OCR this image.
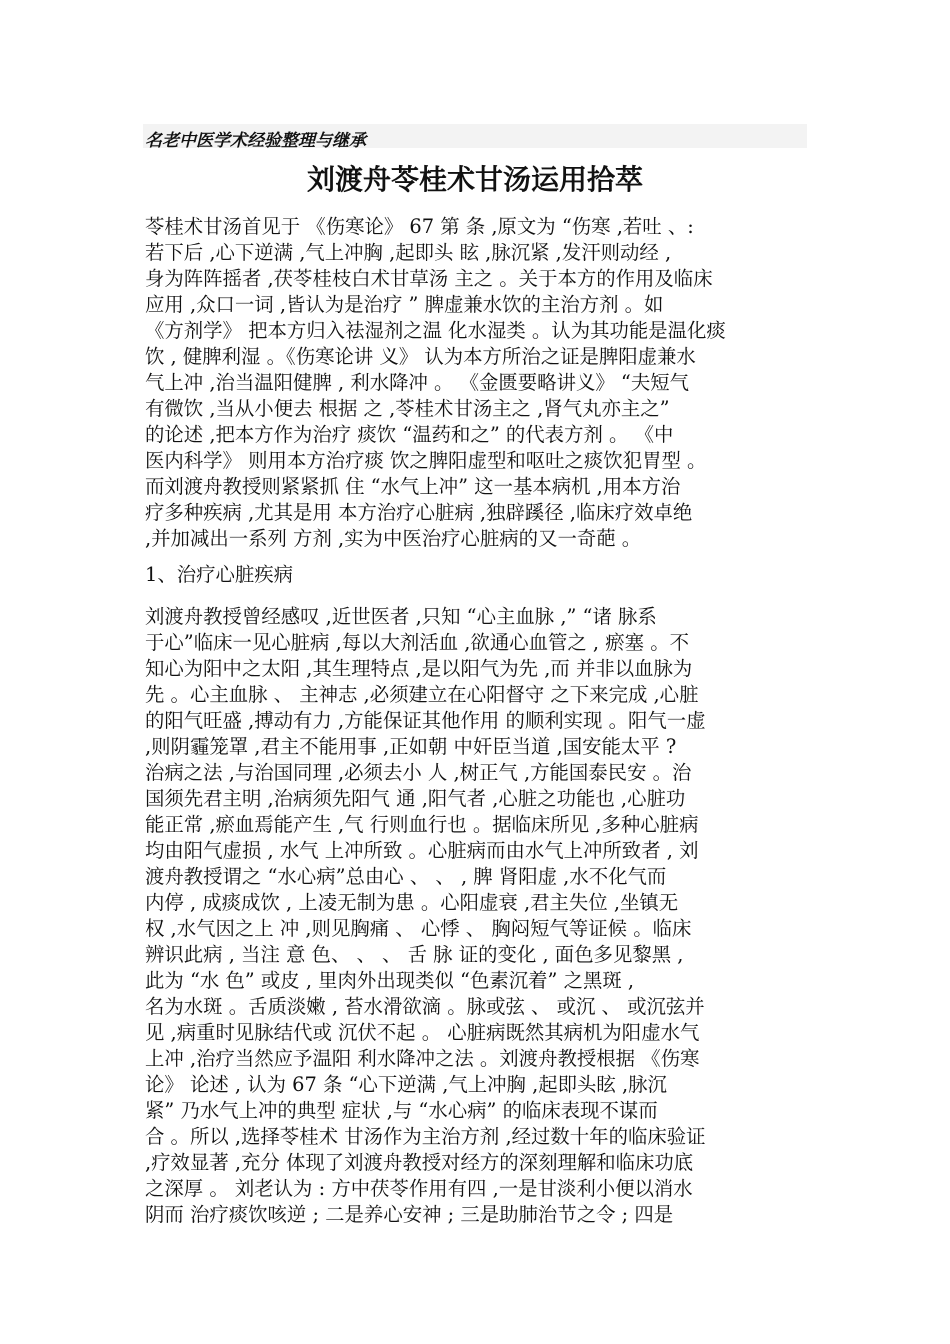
名老中医学术经验整理与继承
刘渡舟苓桂术甘汤运用拾萃
苓桂术甘汤首见于 《伤寒论》 67 第 条 ,原文为 “伤寒 ,若吐 、:
若下后 ,心下逆满 ,气上冲胸 ,起即头 眩 ,脉沉紧 ,发汗则动经 ,
身为阵阵摇者 ,茯苓桂枝白术甘草汤 主之 。关于本方的作用及临床
应用 ,众口一词 ,皆认为是治疗 ” 脾虚兼水饮的主治方剂 。如
《方剂学》 把本方归入祛湿剂之温 化水湿类 。认为其功能是温化痰
饮 , 健脾利湿 。《伤寒论讲 义》 认为本方所治之证是脾阳虚兼水
气上冲 ,治当温阳健脾 , 利水降冲 。 《金匮要略讲义》 “夫短气
有微饮 ,当从小便去 根据 之 ,苓桂术甘汤主之 ,肾气丸亦主之”
的论述 ,把本方作为治疗 痰饮 “温药和之” 的代表方剂 。 《中
医内科学》 则用本方治疗痰 饮之脾阳虚型和呕吐之痰饮犯胃型 。
而刘渡舟教授则紧紧抓 住 “水气上冲” 这一基本病机 ,用本方治
疗多种疾病 ,尤其是用 本方治疗心脏病 ,独辟蹊径 ,临床疗效卓绝
,并加减出一系列 方剂 ,实为中医治疗心脏病的又一奇葩 。
1、治疗心脏疾病
刘渡舟教授曾经感叹 ,近世医者 ,只知 “心主血脉 ,” “诸 脉系
于心”临床一见心脏病 ,每以大剂活血 ,欲通心血管之 , 瘀塞 。不
知心为阳中之太阳 ,其生理特点 ,是以阳气为先 ,而 并非以血脉为
先 。心主血脉 、 主神志 ,必须建立在心阳督守 之下来完成 ,心脏
的阳气旺盛 ,搏动有力 ,方能保证其他作用 的顺利实现 。阳气一虚
,则阴霾笼罩 ,君主不能用事 ,正如朝 中奸臣当道 ,国安能太平 ?
治病之法 ,与治国同理 ,必须去小 人 ,树正气 ,方能国泰民安 。治
国须先君主明 ,治病须先阳气 通 ,阳气者 ,心脏之功能也 ,心脏功
能正常 ,瘀血焉能产生 ,气 行则血行也 。据临床所见 ,多种心脏病
均由阳气虚损 , 水气 上冲所致 。心脏病而由水气上冲所致者 , 刘
渡舟教授谓之 “水心病”总由心 、 、 , 脾 肾阳虚 ,水不化气而
内停 , 成痰成饮 , 上凌无制为患 。心阳虚衰 ,君主失位 ,坐镇无
权 ,水气因之上 冲 ,则见胸痛 、 心悸 、 胸闷短气等证候 。临床
辨识此病 , 当注 意 色、 、 、 舌 脉 证的变化 , 面色多见黎黑 ,
此为 “水 色” 或皮 , 里肉外出现类似 “色素沉着” 之黑斑 ,
名为水斑 。舌质淡嫩 , 苔水滑欲滴 。脉或弦 、 或沉 、 或沉弦并
见 ,病重时见脉结代或 沉伏不起 。 心脏病既然其病机为阳虚水气
上冲 ,治疗当然应予温阳 利水降冲之法 。刘渡舟教授根据 《伤寒
论》 论述 , 认为 67 条 “心下逆满 ,气上冲胸 ,起即头眩 ,脉沉
紧” 乃水气上冲的典型 症状 ,与 “水心病” 的临床表现不谋而
合 。所以 ,选择苓桂术 甘汤作为主治方剂 ,经过数十年的临床验证
,疗效显著 ,充分 体现了刘渡舟教授对经方的深刻理解和临床功底
之深厚 。 刘老认为 : 方中茯苓作用有四 ,一是甘淡利小便以消水
阴而 治疗痰饮咳逆 ; 二是养心安神 ; 三是助肺治节之令 ; 四是
